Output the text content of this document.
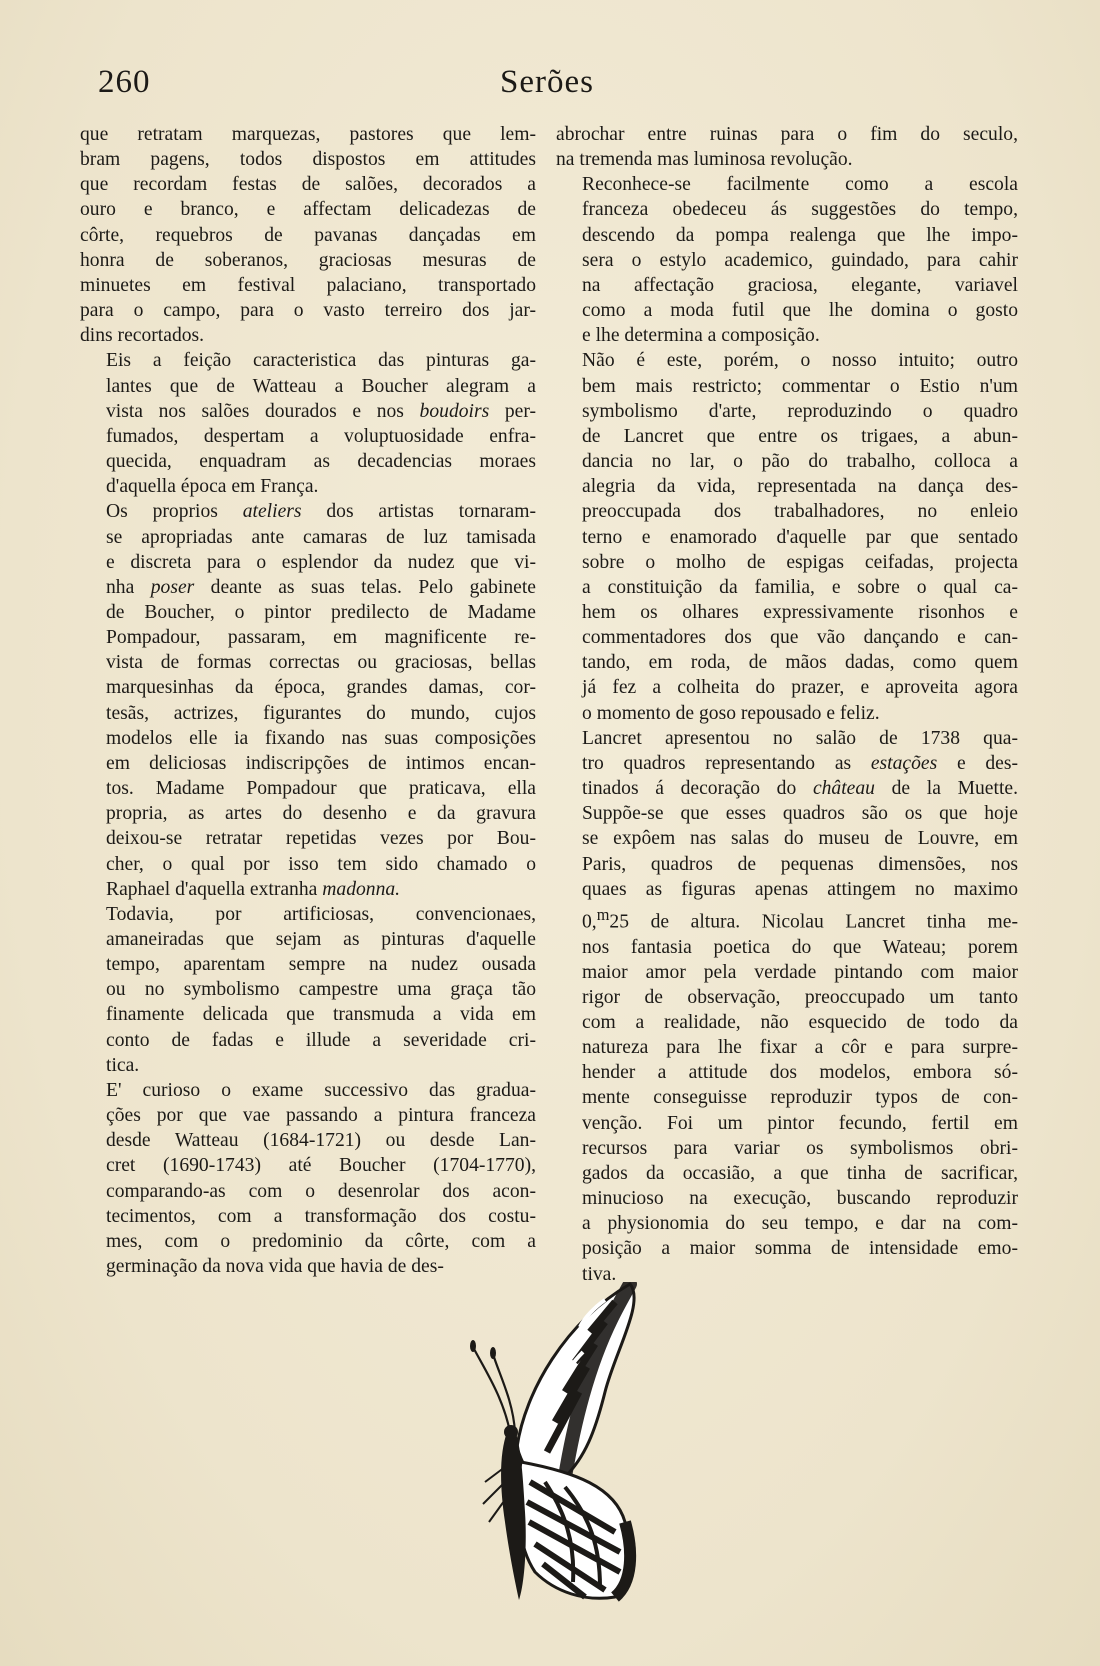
260	Serões

que retratam marquezas, pastores que lem-
bram pagens, todos dispostos em attitudes
que recordam festas de salões, decorados a
ouro e branco, e affectam delicadezas de
côrte, requebros de pavanas dançadas em
honra de soberanos, graciosas mesuras de
minuetes em festival palaciano, transportado
para o campo, para o vasto terreiro dos jar-
dins recortados.

Eis a feição caracteristica das pinturas ga-
lantes que de Watteau a Boucher alegram a
vista nos salões dourados e nos boudoirs per-
fumados, despertam a voluptuosidade enfra-
quecida, enquadram as decadencias moraes
d'aquella época em França.

Os proprios ateliers dos artistas tornaram-
se apropriadas ante camaras de luz tamisada
e discreta para o esplendor da nudez que vi-
nha poser deante as suas telas. Pelo gabinete
de Boucher, o pintor predilecto de Madame
Pompadour, passaram, em magnificente re-
vista de formas correctas ou graciosas, bellas
marquesinhas da época, grandes damas, cor-
tesãs, actrizes, figurantes do mundo, cujos
modelos elle ia fixando nas suas composições
em deliciosas indiscripções de intimos encan-
tos. Madame Pompadour que praticava, ella
propria, as artes do desenho e da gravura
deixou-se retratar repetidas vezes por Bou-
cher, o qual por isso tem sido chamado o
Raphael d'aquella extranha madonna.

Todavia, por artificiosas, convencionaes,
amaneiradas que sejam as pinturas d'aquelle
tempo, aparentam sempre na nudez ousada
ou no symbolismo campestre uma graça tão
finamente delicada que transmuda a vida em
conto de fadas e illude a severidade cri-
tica.

E' curioso o exame successivo das gradua-
ções por que vae passando a pintura franceza
desde Watteau (1684-1721) ou desde Lan-
cret (1690-1743) até Boucher (1704-1770),
comparando-as com o desenrolar dos acon-
tecimentos, com a transformação dos costu-
mes, com o predominio da côrte, com a
germinação da nova vida que havia de des-

abrochar entre ruinas para o fim do seculo,
na tremenda mas luminosa revolução.

Reconhece-se facilmente como a escola
franceza obedeceu ás suggestões do tempo,
descendo da pompa realenga que lhe impo-
sera o estylo academico, guindado, para cahir
na affectação graciosa, elegante, variavel
como a moda futil que lhe domina o gosto
e lhe determina a composição.

Não é este, porém, o nosso intuito; outro
bem mais restricto; commentar o Estio n'um
symbolismo d'arte, reproduzindo o quadro
de Lancret que entre os trigaes, a abun-
dancia no lar, o pão do trabalho, colloca a
alegria da vida, representada na dança des-
preoccupada dos trabalhadores, no enleio
terno e enamorado d'aquelle par que sentado
sobre o molho de espigas ceifadas, projecta
a constituição da familia, e sobre o qual ca-
hem os olhares expressivamente risonhos e
commentadores dos que vão dançando e can-
tando, em roda, de mãos dadas, como quem
já fez a colheita do prazer, e aproveita agora
o momento de goso repousado e feliz.

Lancret apresentou no salão de 1738 qua-
tro quadros representando as estações e des-
tinados á decoração do château de la Muette.
Suppõe-se que esses quadros são os que hoje
se expôem nas salas do museu de Louvre, em
Paris, quadros de pequenas dimensões, nos
quaes as figuras apenas attingem no maximo
0,$^m$25 de altura. Nicolau Lancret tinha me-
nos fantasia poetica do que Wateau; porem
maior amor pela verdade pintando com maior
rigor de observação, preoccupado um tanto
com a realidade, não esquecido de todo da
natureza para lhe fixar a côr e para surpre-
hender a attitude dos modelos, embora só-
mente conseguisse reproduzir typos de con-
venção. Foi um pintor fecundo, fertil em
recursos para variar os symbolismos obri-
gados da occasião, a que tinha de sacrificar,
minucioso na execução, buscando reproduzir
a physionomia do seu tempo, e dar na com-
posição a maior somma de intensidade emo-
tiva.
